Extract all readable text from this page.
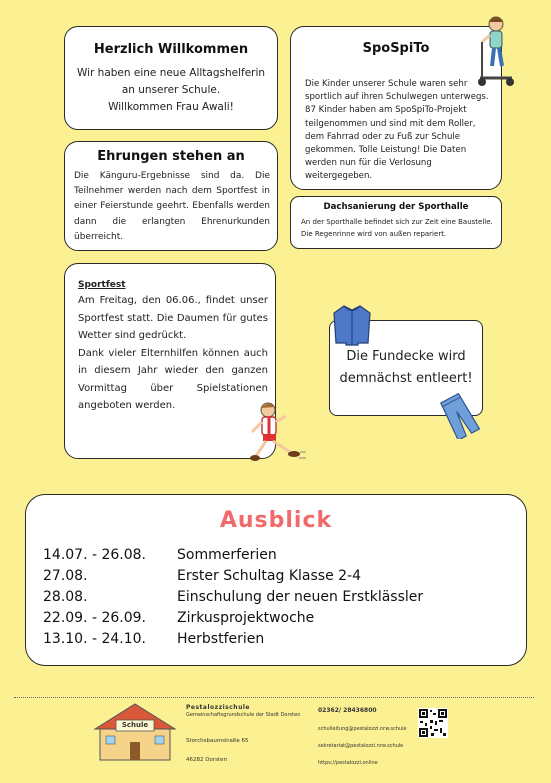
Herzlich Willkommen
Wir haben eine neue Alltagshelferin
an unserer Schule.
Willkommen Frau Awali!
SpoSpiTo
Die Kinder unserer Schule waren sehr sportlich auf ihren Schulwegen unterwegs. 87 Kinder haben am SpoSpiTo-Projekt teilgenommen und sind mit dem Roller, dem Fahrrad oder zu Fuß zur Schule gekommen. Tolle Leistung! Die Daten werden nun für die Verlosung weitergegeben.
Ehrungen stehen an
Die Känguru-Ergebnisse sind da. Die Teilnehmer werden nach dem Sportfest in einer Feierstunde geehrt. Ebenfalls werden dann die erlangten Ehrenurkunden überreicht.
Dachsanierung der Sporthalle
An der Sporthalle befindet sich zur Zeit eine Baustelle. Die Regenrinne wird von außen repariert.
Sportfest
Am Freitag, den 06.06., findet unser Sportfest statt. Die Daumen für gutes Wetter sind gedrückt.
Dank vieler Elternhilfen können auch in diesem Jahr wieder den ganzen Vormittag über Spielstationen angeboten werden.
Die Fundecke wird demnächst entleert!
Ausblick
14.07. - 26.08.	Sommerferien
27.08.	Erster Schultag Klasse 2-4
28.08.	Einschulung der neuen Erstklässler
22.09. - 26.09.	Zirkusprojektwoche
13.10. - 24.10.	Herbstferien
Schule
Pestalozzischule
Gemeinschaftsgrundschule der Stadt Dorsten
Storchsbaumstraße 65
46282 Dorsten
02362/ 28436800
schulleitung@pestalozzi.nrw.schule
sekretariat@pestalozzi.nrw.schule
https://pestalozzi.online
